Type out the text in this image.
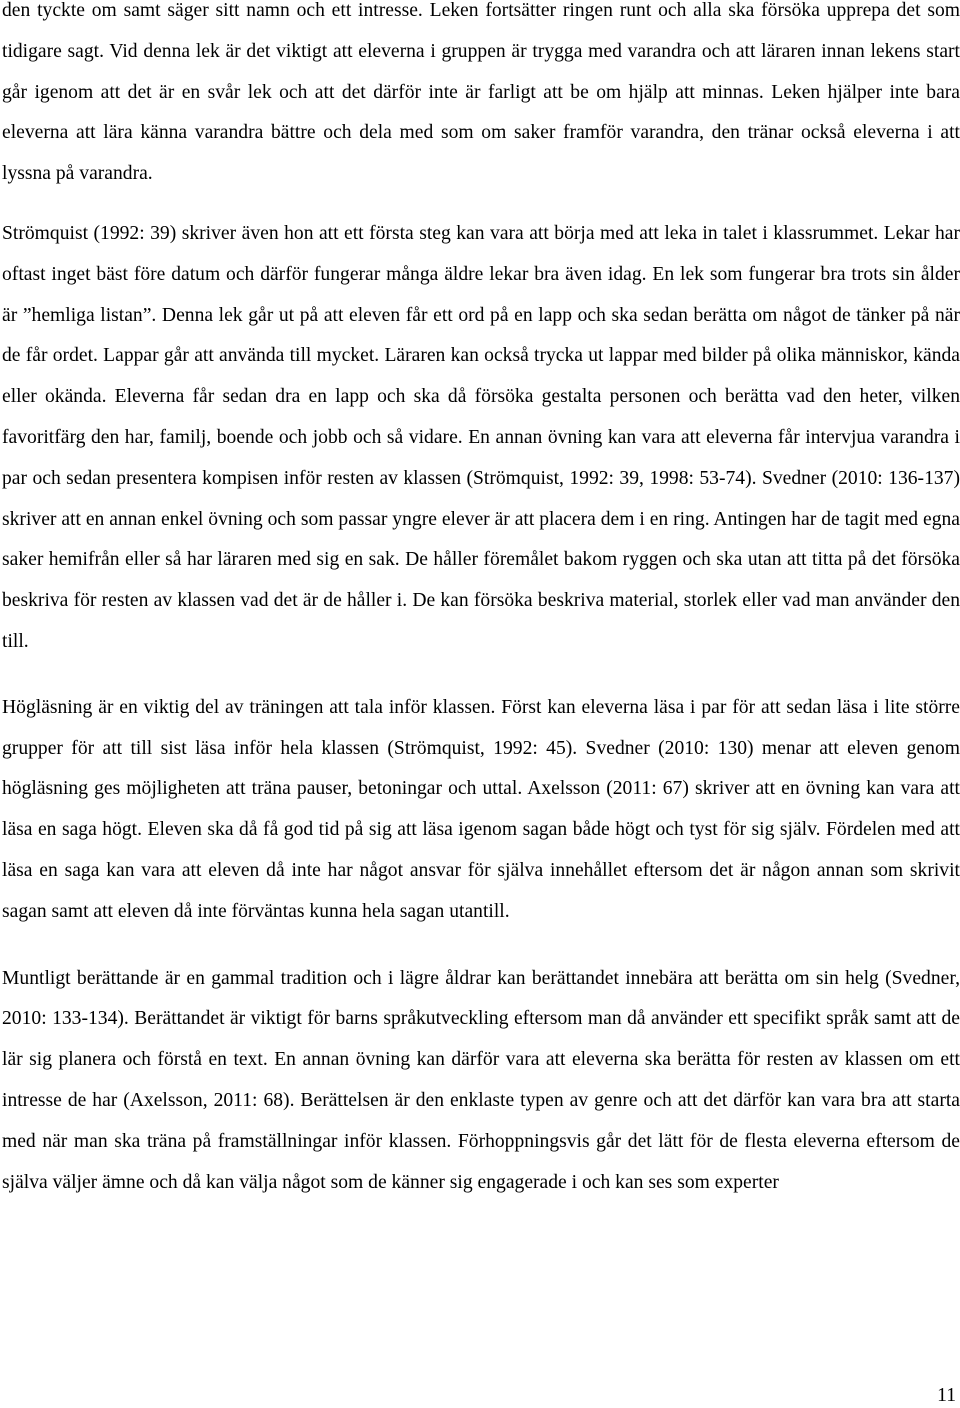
den tyckte om samt säger sitt namn och ett intresse. Leken fortsätter ringen runt och alla ska försöka upprepa det som tidigare sagt. Vid denna lek är det viktigt att eleverna i gruppen är trygga med varandra och att läraren innan lekens start går igenom att det är en svår lek och att det därför inte är farligt att be om hjälp att minnas. Leken hjälper inte bara eleverna att lära känna varandra bättre och dela med som om saker framför varandra, den tränar också eleverna i att lyssna på varandra.

Strömquist (1992: 39) skriver även hon att ett första steg kan vara att börja med att leka in talet i klassrummet. Lekar har oftast inget bäst före datum och därför fungerar många äldre lekar bra även idag. En lek som fungerar bra trots sin ålder är ”hemliga listan”. Denna lek går ut på att eleven får ett ord på en lapp och ska sedan berätta om något de tänker på när de får ordet. Lappar går att använda till mycket. Läraren kan också trycka ut lappar med bilder på olika människor, kända eller okända. Eleverna får sedan dra en lapp och ska då försöka gestalta personen och berätta vad den heter, vilken favoritfärg den har, familj, boende och jobb och så vidare. En annan övning kan vara att eleverna får intervjua varandra i par och sedan presentera kompisen inför resten av klassen (Strömquist, 1992: 39, 1998: 53-74). Svedner (2010: 136-137) skriver att en annan enkel övning och som passar yngre elever är att placera dem i en ring. Antingen har de tagit med egna saker hemifrån eller så har läraren med sig en sak. De håller föremålet bakom ryggen och ska utan att titta på det försöka beskriva för resten av klassen vad det är de håller i. De kan försöka beskriva material, storlek eller vad man använder den till.

Högläsning är en viktig del av träningen att tala inför klassen. Först kan eleverna läsa i par för att sedan läsa i lite större grupper för att till sist läsa inför hela klassen (Strömquist, 1992: 45). Svedner (2010: 130) menar att eleven genom högläsning ges möjligheten att träna pauser, betoningar och uttal. Axelsson (2011: 67) skriver att en övning kan vara att läsa en saga högt. Eleven ska då få god tid på sig att läsa igenom sagan både högt och tyst för sig själv. Fördelen med att läsa en saga kan vara att eleven då inte har något ansvar för själva innehållet eftersom det är någon annan som skrivit sagan samt att eleven då inte förväntas kunna hela sagan utantill.

Muntligt berättande är en gammal tradition och i lägre åldrar kan berättandet innebära att berätta om sin helg (Svedner, 2010: 133-134). Berättandet är viktigt för barns språkutveckling eftersom man då använder ett specifikt språk samt att de lär sig planera och förstå en text. En annan övning kan därför vara att eleverna ska berätta för resten av klassen om ett intresse de har (Axelsson, 2011: 68). Berättelsen är den enklaste typen av genre och att det därför kan vara bra att starta med när man ska träna på framställningar inför klassen. Förhoppningsvis går det lätt för de flesta eleverna eftersom de själva väljer ämne och då kan välja något som de känner sig engagerade i och kan ses som experter

11
